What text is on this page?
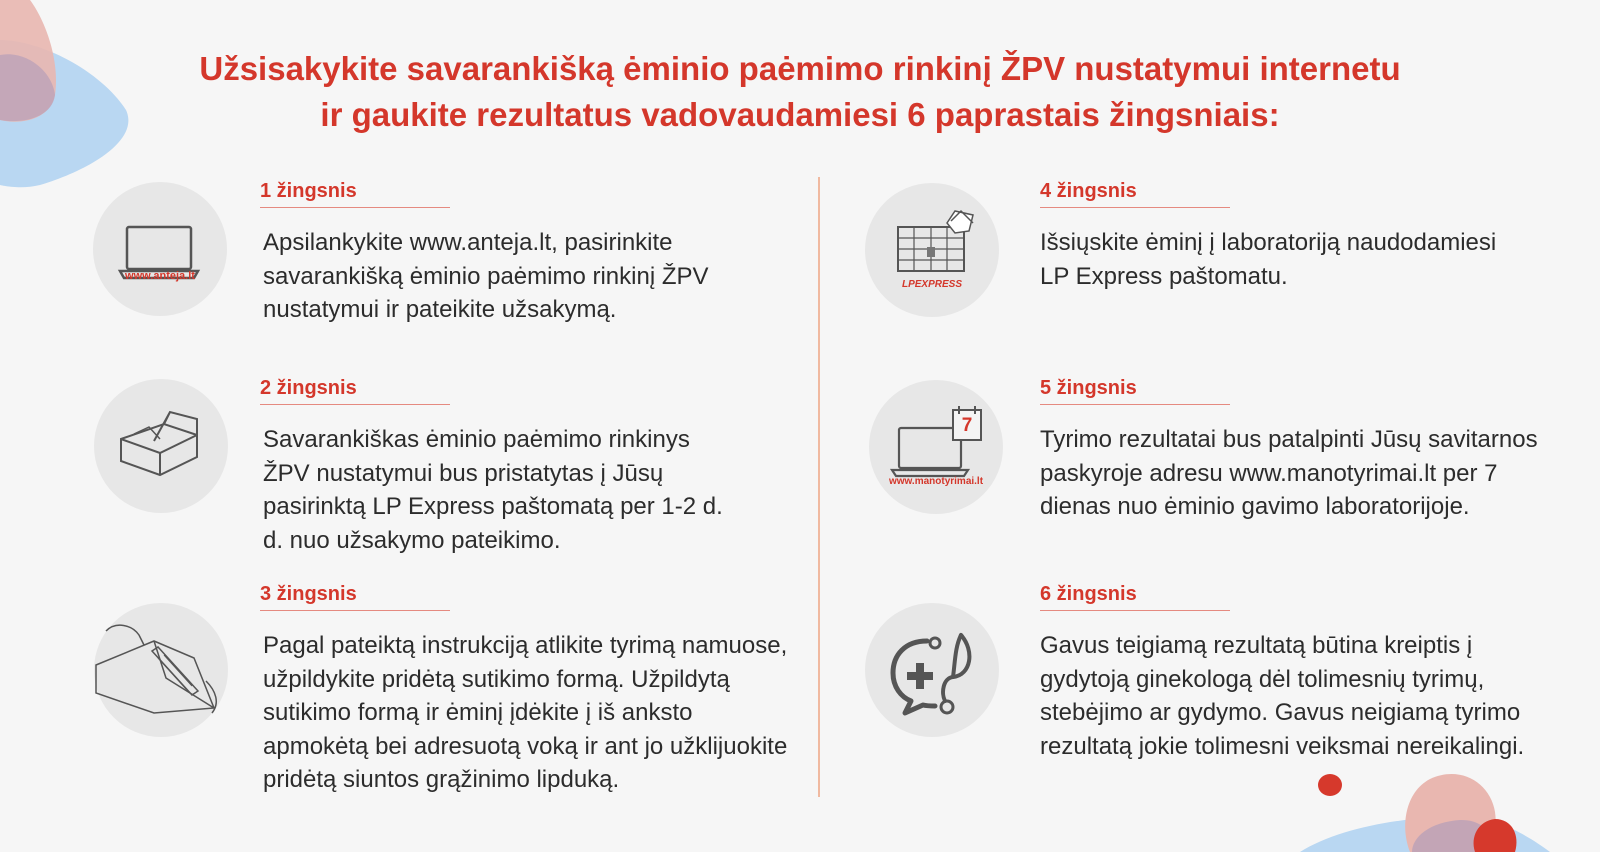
Užsisakykite savarankišką ėminio paėmimo rinkinį ŽPV nustatymui internetu
ir gaukite rezultatus vadovaudamiesi 6 paprastais žingsniais:
www.anteja.lt
1 žingsnis

Apsilankykite www.anteja.lt, pasirinkite savarankišką ėminio paėmimo rinkinį ŽPV nustatymui ir pateikite užsakymą.

2 žingsnis

Savarankiškas ėminio paėmimo rinkinys ŽPV nustatymui bus pristatytas į Jūsų pasirinktą LP Express paštomatą per 1-2 d. d. nuo užsakymo pateikimo.

3 žingsnis

Pagal pateiktą instrukciją atlikite tyrimą namuose, užpildykite pridėtą sutikimo formą. Užpildytą sutikimo formą ir ėminį įdėkite į iš anksto apmokėtą bei adresuotą voką ir ant jo užklijuokite pridėtą siuntos grąžinimo lipduką.

LPEXPRESS
4 žingsnis

Išsiųskite ėminį į laboratoriją naudodamiesi LP Express paštomatu.

7
www.manotyrimai.lt
5 žingsnis

Tyrimo rezultatai bus patalpinti Jūsų savitarnos paskyroje adresu www.manotyrimai.lt per 7 dienas nuo ėminio gavimo laboratorijoje.

6 žingsnis

Gavus teigiamą rezultatą būtina kreiptis į gydytoją ginekologą dėl tolimesnių tyrimų, stebėjimo ar gydymo. Gavus neigiamą tyrimo rezultatą jokie tolimesni veiksmai nereikalingi.
